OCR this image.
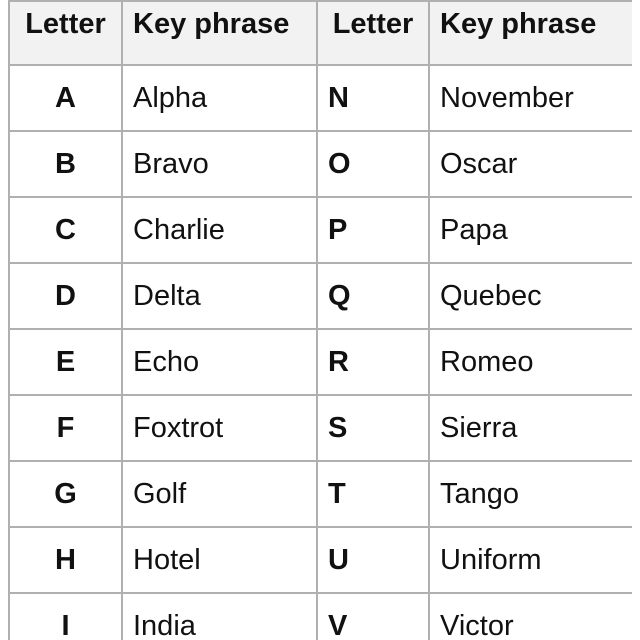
Letter	Key phrase	Letter	Key phrase
A	Alpha	N	November
B	Bravo	O	Oscar
C	Charlie	P	Papa
D	Delta	Q	Quebec
E	Echo	R	Romeo
F	Foxtrot	S	Sierra
G	Golf	T	Tango
H	Hotel	U	Uniform
I	India	V	Victor
